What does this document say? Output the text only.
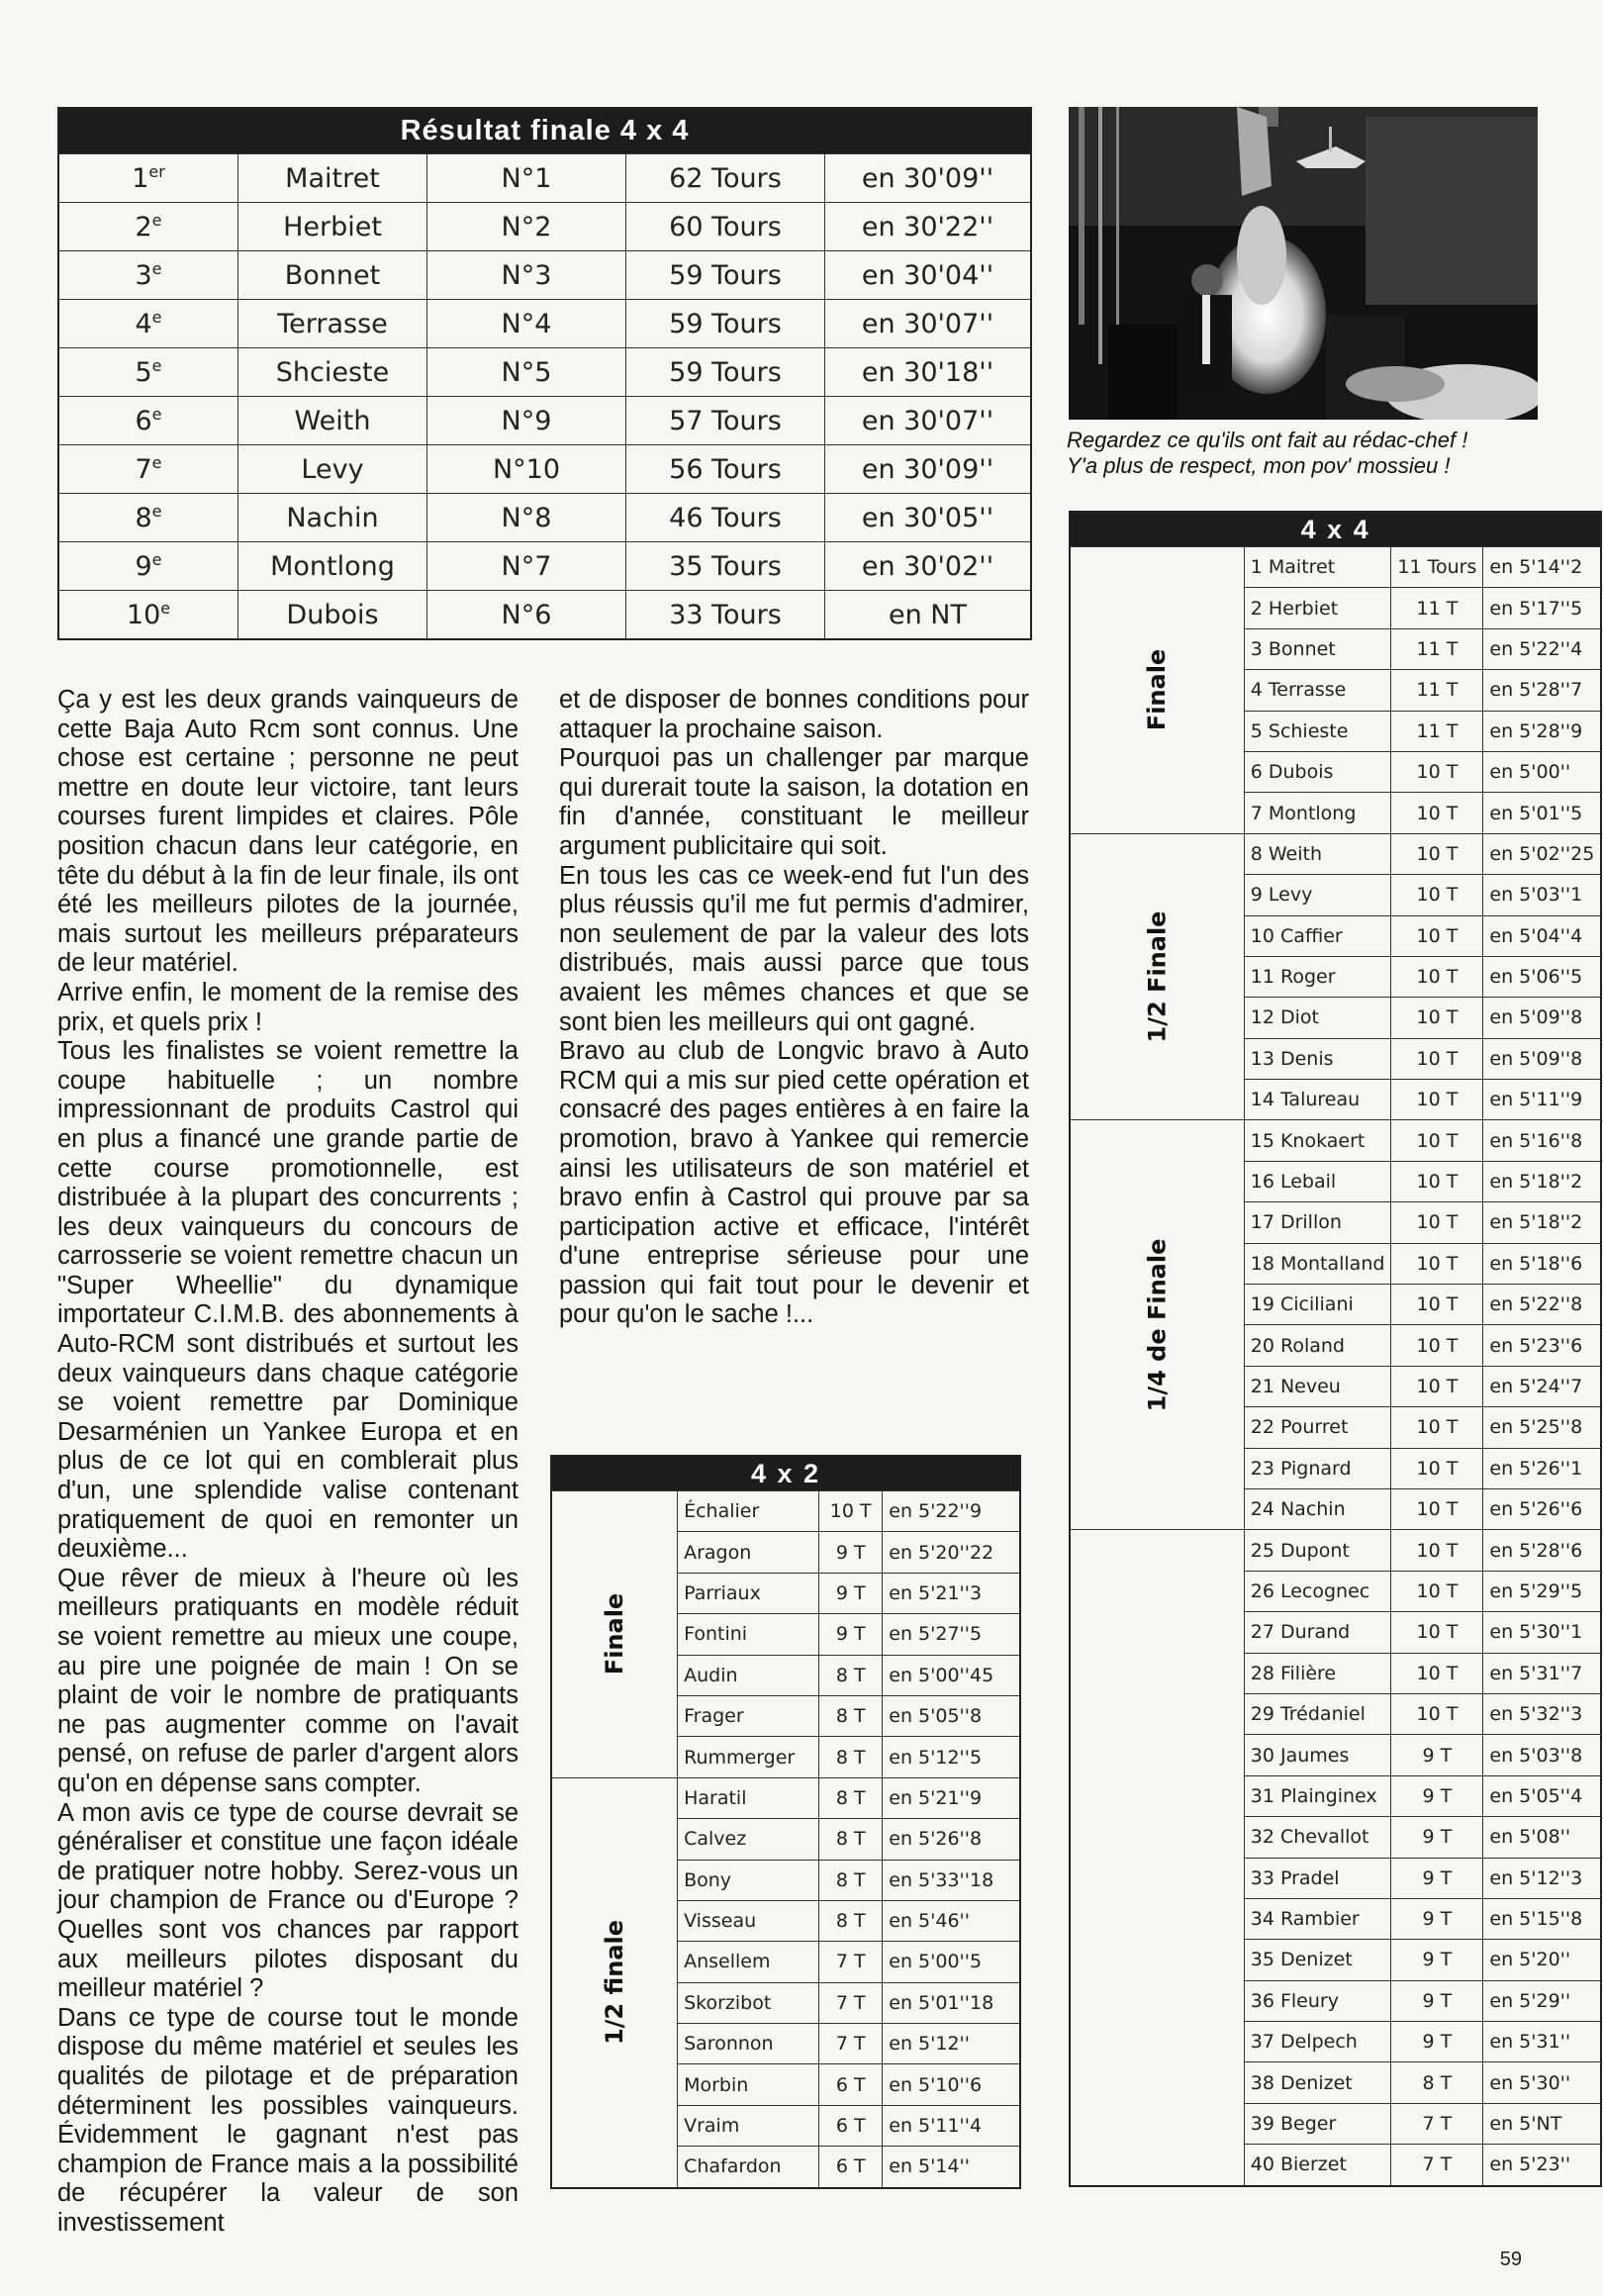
Résultat finale 4 x 4				
1er	Maitret	N°1	62 Tours	en 30'09''
2e	Herbiet	N°2	60 Tours	en 30'22''
3e	Bonnet	N°3	59 Tours	en 30'04''
4e	Terrasse	N°4	59 Tours	en 30'07''
5e	Shcieste	N°5	59 Tours	en 30'18''
6e	Weith	N°9	57 Tours	en 30'07''
7e	Levy	N°10	56 Tours	en 30'09''
8e	Nachin	N°8	46 Tours	en 30'05''
9e	Montlong	N°7	35 Tours	en 30'02''
10e	Dubois	N°6	33 Tours	en NT
Regardez ce qu'ils ont fait au rédac-chef !
Y'a plus de respect, mon pov' mossieu !

Ça y est les deux grands vainqueurs de cette Baja Auto Rcm sont connus. Une chose est certaine ; personne ne peut mettre en doute leur victoire, tant leurs courses furent limpides et claires. Pôle position chacun dans leur catégorie, en tête du début à la fin de leur finale, ils ont été les meilleurs pilotes de la journée, mais surtout les meilleurs préparateurs de leur matériel.

Arrive enfin, le moment de la remise des prix, et quels prix !

Tous les finalistes se voient remettre la coupe habituelle ; un nombre impressionnant de produits Castrol qui en plus a financé une grande partie de cette course promotionnelle, est distribuée à la plupart des concurrents ; les deux vainqueurs du concours de carrosserie se voient remettre chacun un "Super Wheellie" du dynamique importateur C.I.M.B. des abonnements à Auto-RCM sont distribués et surtout les deux vainqueurs dans chaque catégorie se voient remettre par Dominique Desarménien un Yankee Europa et en plus de ce lot qui en comblerait plus d'un, une splendide valise contenant pratiquement de quoi en remonter un deuxième...

Que rêver de mieux à l'heure où les meilleurs pratiquants en modèle réduit se voient remettre au mieux une coupe, au pire une poignée de main ! On se plaint de voir le nombre de pratiquants ne pas augmenter comme on l'avait pensé, on refuse de parler d'argent alors qu'on en dépense sans compter.

A mon avis ce type de course devrait se généraliser et constitue une façon idéale de pratiquer notre hobby. Serez-vous un jour champion de France ou d'Europe ? Quelles sont vos chances par rapport aux meilleurs pilotes disposant du meilleur matériel ?

Dans ce type de course tout le monde dispose du même matériel et seules les qualités de pilotage et de préparation déterminent les possibles vainqueurs. Évidemment le gagnant n'est pas champion de France mais a la possibilité de récupérer la valeur de son investissement

et de disposer de bonnes conditions pour attaquer la prochaine saison.

Pourquoi pas un challenger par marque qui durerait toute la saison, la dotation en fin d'année, constituant le meilleur argument publicitaire qui soit.

En tous les cas ce week-end fut l'un des plus réussis qu'il me fut permis d'admirer, non seulement de par la valeur des lots distribués, mais aussi parce que tous avaient les mêmes chances et que se sont bien les meilleurs qui ont gagné.

Bravo au club de Longvic bravo à Auto RCM qui a mis sur pied cette opération et consacré des pages entières à en faire la promotion, bravo à Yankee qui remercie ainsi les utilisateurs de son matériel et bravo enfin à Castrol qui prouve par sa participation active et efficace, l'intérêt d'une entreprise sérieuse pour une passion qui fait tout pour le devenir et pour qu'on le sache !...

4 x 4			
Finale	1 Maitret	11 Tours	en 5'14''2
	2 Herbiet	11 T	en 5'17''5
	3 Bonnet	11 T	en 5'22''4
	4 Terrasse	11 T	en 5'28''7
	5 Schieste	11 T	en 5'28''9
	6 Dubois	10 T	en 5'00''
	7 Montlong	10 T	en 5'01''5
1/2 Finale	8 Weith	10 T	en 5'02''25
	9 Levy	10 T	en 5'03''1
	10 Caffier	10 T	en 5'04''4
	11 Roger	10 T	en 5'06''5
	12 Diot	10 T	en 5'09''8
	13 Denis	10 T	en 5'09''8
	14 Talureau	10 T	en 5'11''9
1/4 de Finale	15 Knokaert	10 T	en 5'16''8
	16 Lebail	10 T	en 5'18''2
	17 Drillon	10 T	en 5'18''2
	18 Montalland	10 T	en 5'18''6
	19 Ciciliani	10 T	en 5'22''8
	20 Roland	10 T	en 5'23''6
	21 Neveu	10 T	en 5'24''7
	22 Pourret	10 T	en 5'25''8
	23 Pignard	10 T	en 5'26''1
	24 Nachin	10 T	en 5'26''6
	25 Dupont	10 T	en 5'28''6
	26 Lecognec	10 T	en 5'29''5
	27 Durand	10 T	en 5'30''1
	28 Filière	10 T	en 5'31''7
	29 Trédaniel	10 T	en 5'32''3
	30 Jaumes	9 T	en 5'03''8
	31 Plainginex	9 T	en 5'05''4
	32 Chevallot	9 T	en 5'08''
	33 Pradel	9 T	en 5'12''3
	34 Rambier	9 T	en 5'15''8
	35 Denizet	9 T	en 5'20''
	36 Fleury	9 T	en 5'29''
	37 Delpech	9 T	en 5'31''
	38 Denizet	8 T	en 5'30''
	39 Beger	7 T	en 5'NT
	40 Bierzet	7 T	en 5'23''
4 x 2			
Finale	Échalier	10 T	en 5'22''9
	Aragon	9 T	en 5'20''22
	Parriaux	9 T	en 5'21''3
	Fontini	9 T	en 5'27''5
	Audin	8 T	en 5'00''45
	Frager	8 T	en 5'05''8
	Rummerger	8 T	en 5'12''5
1/2 finale	Haratil	8 T	en 5'21''9
	Calvez	8 T	en 5'26''8
	Bony	8 T	en 5'33''18
	Visseau	8 T	en 5'46''
	Ansellem	7 T	en 5'00''5
	Skorzibot	7 T	en 5'01''18
	Saronnon	7 T	en 5'12''
	Morbin	6 T	en 5'10''6
	Vraim	6 T	en 5'11''4
	Chafardon	6 T	en 5'14''
59
